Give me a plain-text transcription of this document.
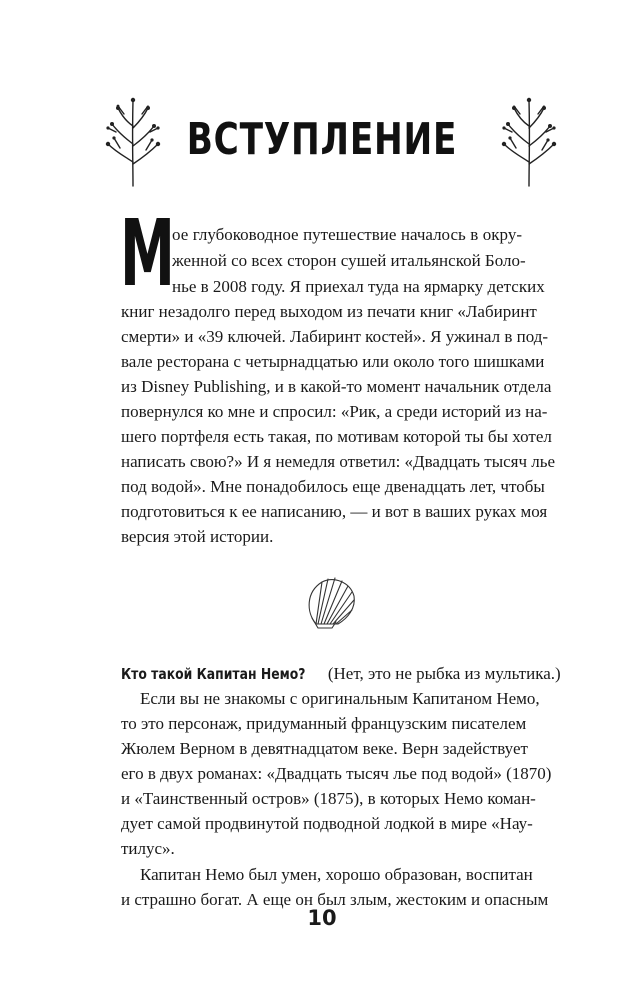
ВСТУПЛЕНИЕ
М
ое глубоководное путешествие началось в окру-
женной со всех сторон сушей итальянской Боло-
нье в 2008 году. Я приехал туда на ярмарку детских
книг незадолго перед выходом из печати книг «Лабиринт
смерти» и «39 ключей. Лабиринт костей». Я ужинал в под-
вале ресторана с четырнадцатью или около того шишками
из Disney Publishing, и в какой-то момент начальник отдела
повернулся ко мне и спросил: «Рик, а среди историй из на-
шего портфеля есть такая, по мотивам которой ты бы хотел
написать свою?» И я немедля ответил: «Двадцать тысяч лье
под водой». Мне понадобилось еще двенадцать лет, чтобы
подготовиться к ее написанию, — и вот в ваших руках моя
версия этой истории.
Кто такой Капитан Немо? (Нет, это не рыбка из мультика.)
Если вы не знакомы с оригинальным Капитаном Немо,
то это персонаж, придуманный французским писателем
Жюлем Верном в девятнадцатом веке. Верн задействует
его в двух романах: «Двадцать тысяч лье под водой» (1870)
и «Таинственный остров» (1875), в которых Немо коман-
дует самой продвинутой подводной лодкой в мире «Нау-
тилус».
Капитан Немо был умен, хорошо образован, воспитан
и страшно богат. А еще он был злым, жестоким и опасным
10
